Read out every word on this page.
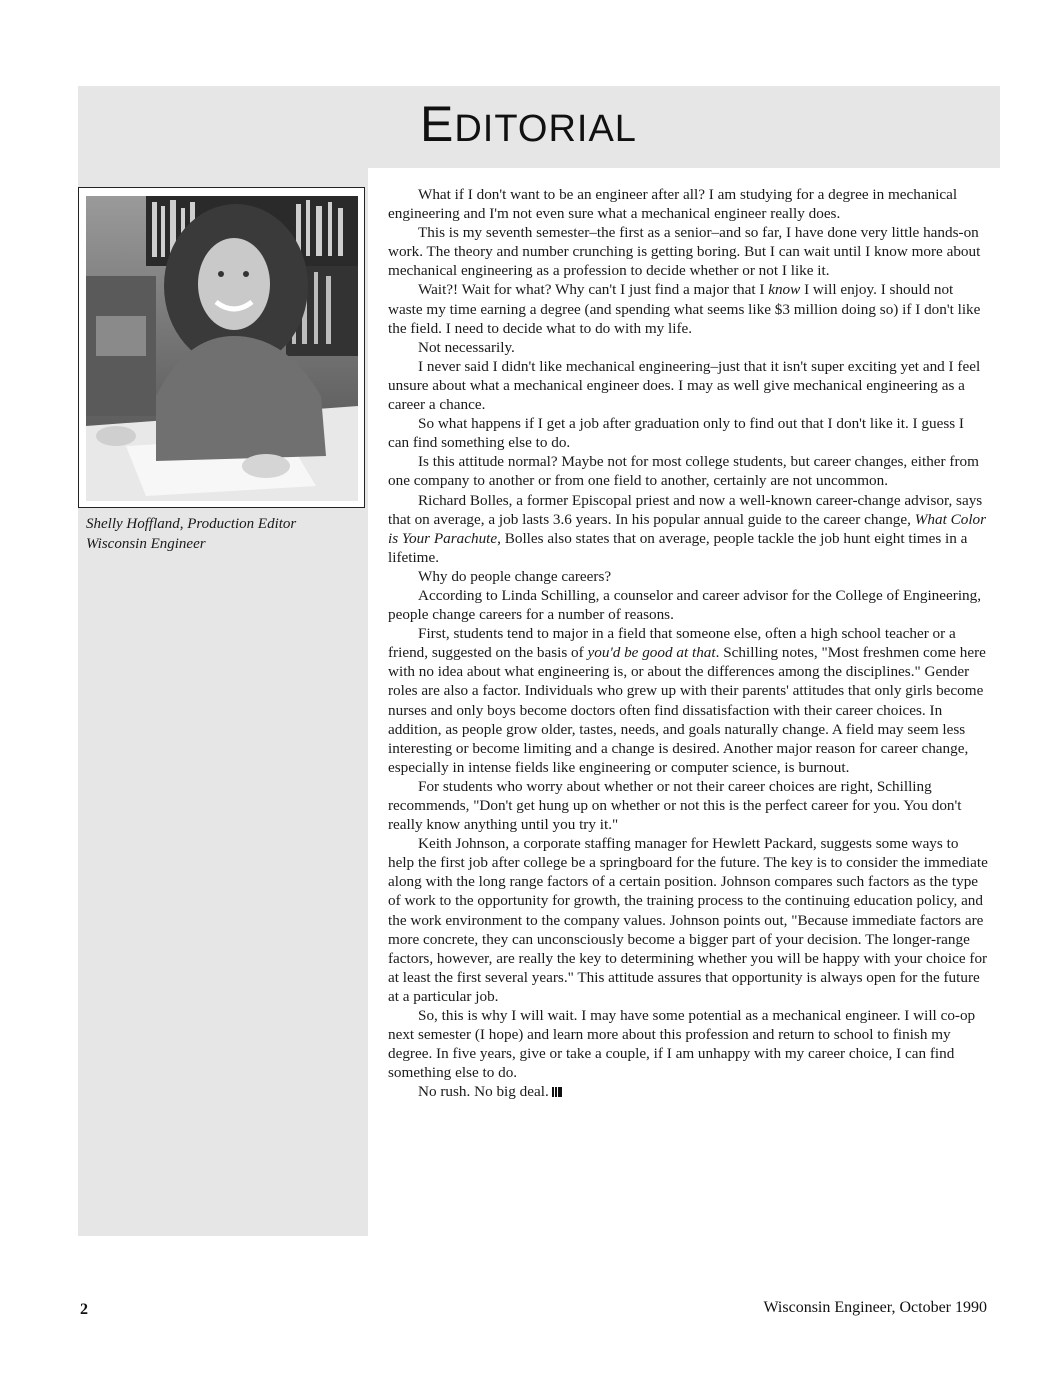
EDITORIAL
Shelly Hoffland, Production Editor
Wisconsin Engineer

What if I don't want to be an engineer after all? I am studying for a degree in mechanical engineering and I'm not even sure what a mechanical engineer really does.

This is my seventh semester–the first as a senior–and so far, I have done very little hands-on work. The theory and number crunching is getting boring. But I can wait until I know more about mechanical engineering as a profession to decide whether or not I like it.

Wait?! Wait for what? Why can't I just find a major that I know I will enjoy. I should not waste my time earning a degree (and spending what seems like $3 million doing so) if I don't like the field. I need to decide what to do with my life.

Not necessarily.

I never said I didn't like mechanical engineering–just that it isn't super exciting yet and I feel unsure about what a mechanical engineer does. I may as well give mechanical engineering as a career a chance.

So what happens if I get a job after graduation only to find out that I don't like it. I guess I can find something else to do.

Is this attitude normal? Maybe not for most college students, but career changes, either from one company to another or from one field to another, certainly are not uncommon.

Richard Bolles, a former Episcopal priest and now a well-known career-change advisor, says that on average, a job lasts 3.6 years. In his popular annual guide to the career change, What Color is Your Parachute, Bolles also states that on average, people tackle the job hunt eight times in a lifetime.

Why do people change careers?

According to Linda Schilling, a counselor and career advisor for the College of Engineering, people change careers for a number of reasons.

First, students tend to major in a field that someone else, often a high school teacher or a friend, suggested on the basis of you'd be good at that. Schilling notes, "Most freshmen come here with no idea about what engineering is, or about the differences among the disciplines." Gender roles are also a factor. Individuals who grew up with their parents' attitudes that only girls become nurses and only boys become doctors often find dissatisfaction with their career choices. In addition, as people grow older, tastes, needs, and goals naturally change. A field may seem less interesting or become limiting and a change is desired. Another major reason for career change, especially in intense fields like engineering or computer science, is burnout.

For students who worry about whether or not their career choices are right, Schilling recommends, "Don't get hung up on whether or not this is the perfect career for you. You don't really know anything until you try it."

Keith Johnson, a corporate staffing manager for Hewlett Packard, suggests some ways to help the first job after college be a springboard for the future. The key is to consider the immediate along with the long range factors of a certain position. Johnson compares such factors as the type of work to the opportunity for growth, the training process to the continuing education policy, and the work environment to the company values. Johnson points out, "Because immediate factors are more concrete, they can unconsciously become a bigger part of your decision. The longer-range factors, however, are really the key to determining whether you will be happy with your choice for at least the first several years." This attitude assures that opportunity is always open for the future at a particular job.

So, this is why I will wait. I may have some potential as a mechanical engineer. I will co-op next semester (I hope) and learn more about this profession and return to school to finish my degree. In five years, give or take a couple, if I am unhappy with my career choice, I can find something else to do.

No rush. No big deal.

2	Wisconsin Engineer, October 1990
